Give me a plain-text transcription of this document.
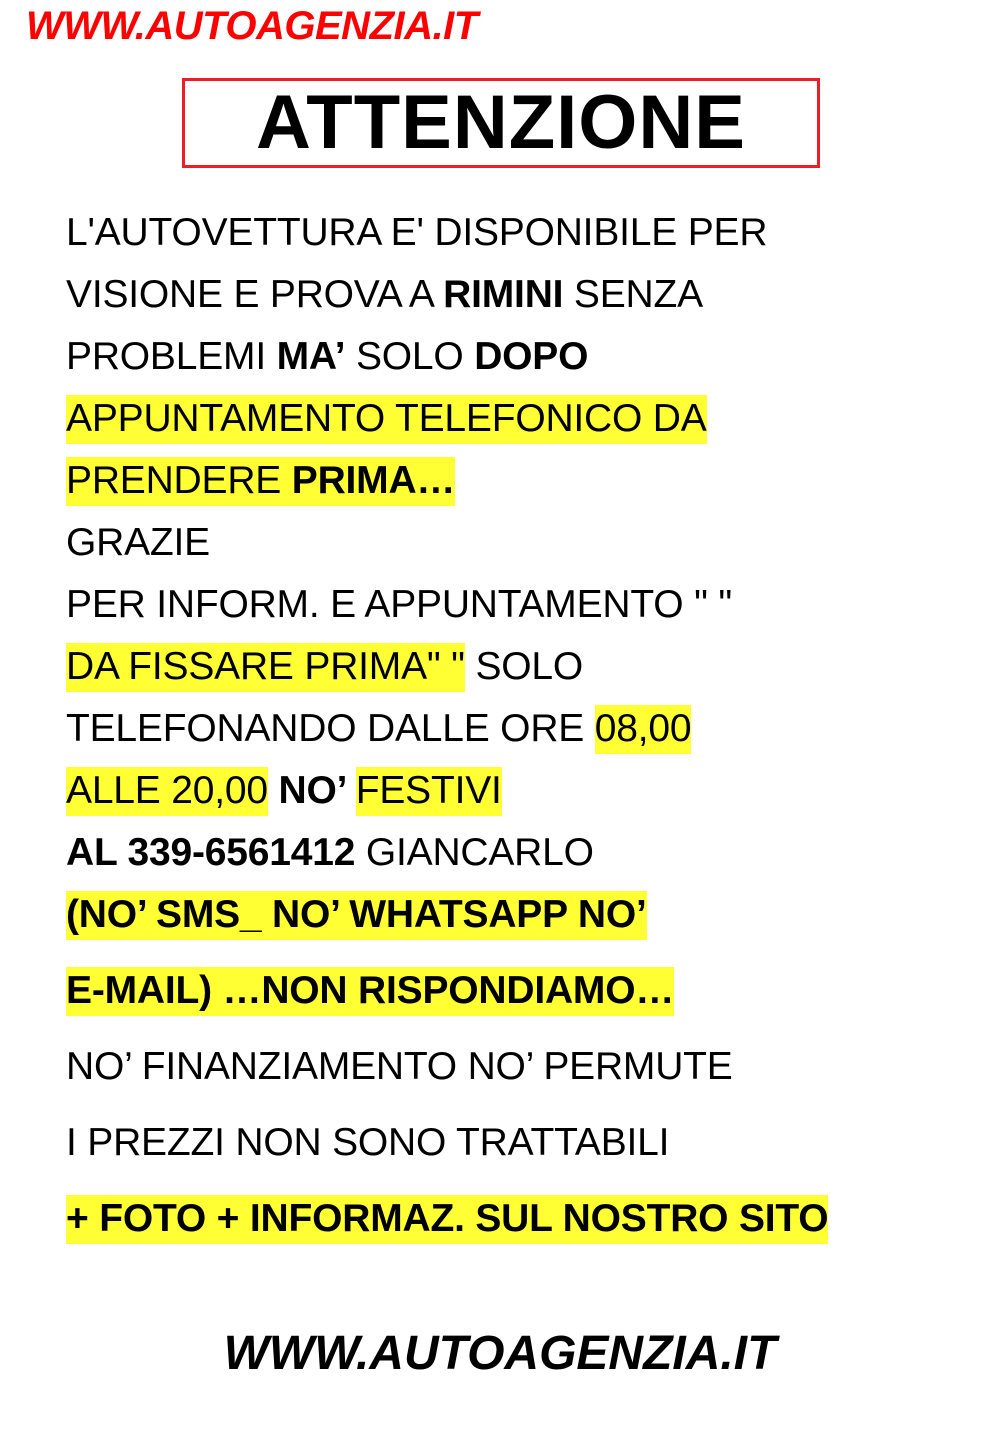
WWW.AUTOAGENZIA.IT
ATTENZIONE
L'AUTOVETTURA E' DISPONIBILE PER
VISIONE E PROVA A RIMINI SENZA
PROBLEMI MA’ SOLO DOPO
APPUNTAMENTO TELEFONICO DA
PRENDERE PRIMA…
GRAZIE
PER INFORM. E APPUNTAMENTO " "
DA FISSARE PRIMA" " SOLO
TELEFONANDO DALLE ORE 08,00
ALLE 20,00 NO’ FESTIVI
AL 339-6561412 GIANCARLO
(NO’ SMS_ NO’ WHATSAPP NO’
E-MAIL) …NON RISPONDIAMO…
NO’ FINANZIAMENTO NO’ PERMUTE
I PREZZI NON SONO TRATTABILI
+ FOTO + INFORMAZ. SUL NOSTRO SITO
WWW.AUTOAGENZIA.IT
